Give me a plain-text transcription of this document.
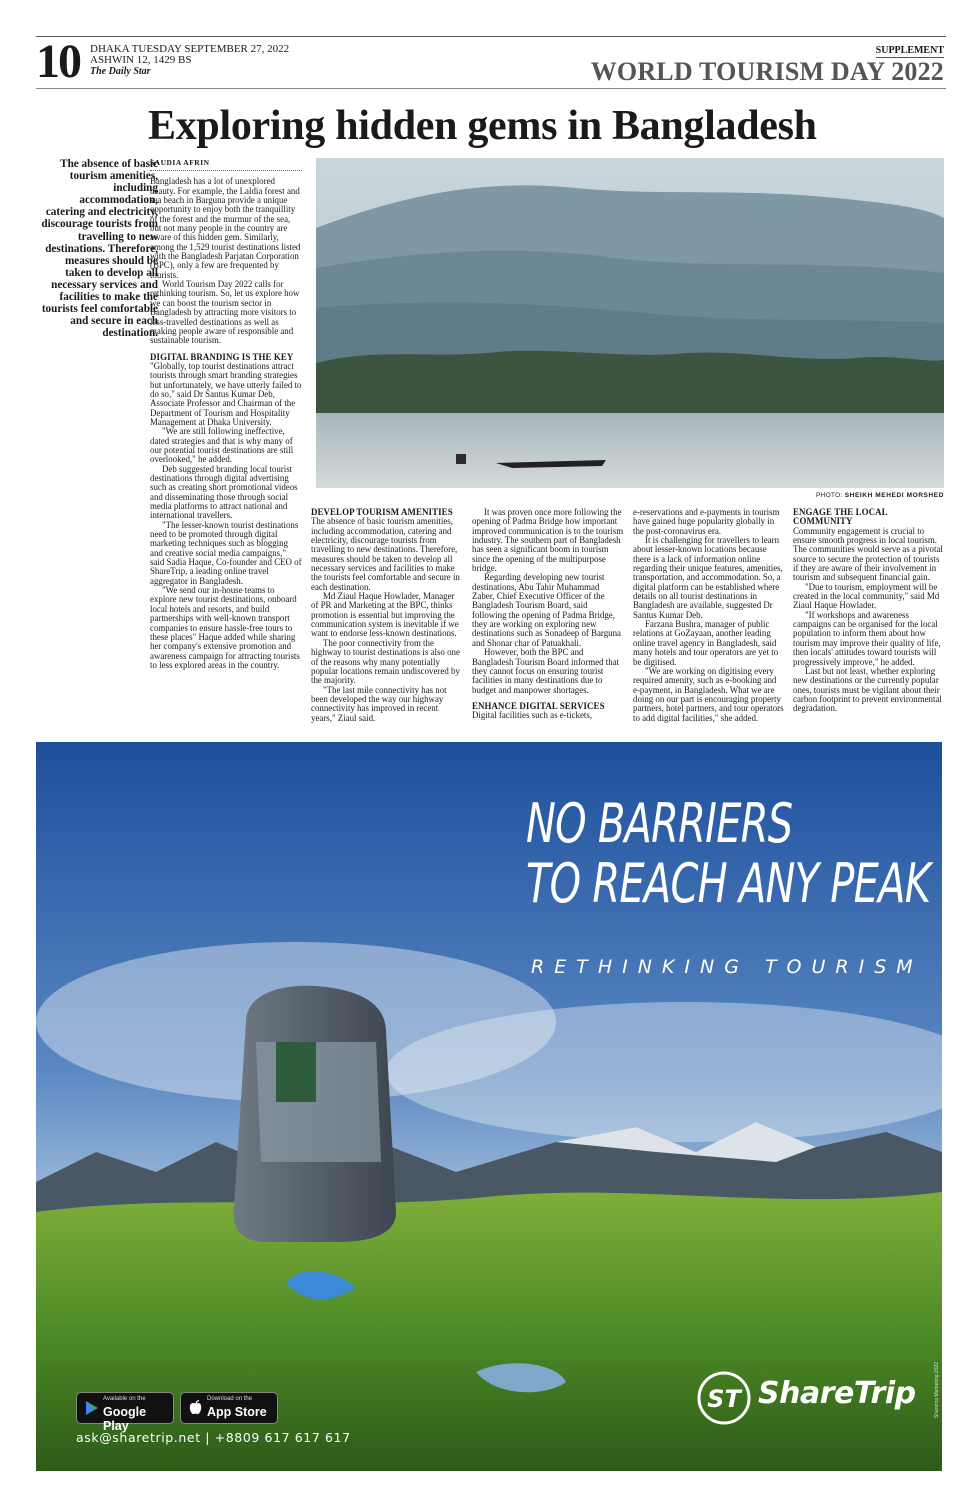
10 DHAKA TUESDAY SEPTEMBER 27, 2022
ASHWIN 12, 1429 BS
The Daily Star
SUPPLEMENT
WORLD TOURISM DAY 2022
Exploring hidden gems in Bangladesh
The absence of basic tourism amenities, including accommodation, catering and electricity, discourage tourists from travelling to new destinations. Therefore, measures should be taken to develop all necessary services and facilities to make the tourists feel comfortable and secure in each destination.
SAUDIA AFRIN

Bangladesh has a lot of unexplored beauty. For example, the Laldia forest and sea beach in Barguna provide a unique opportunity to enjoy both the tranquillity of the forest and the murmur of the sea, but not many people in the country are aware of this hidden gem. Similarly, among the 1,529 tourist destinations listed with the Bangladesh Parjatan Corporation (BPC), only a few are frequented by tourists.

World Tourism Day 2022 calls for rethinking tourism. So, let us explore how we can boost the tourism sector in Bangladesh by attracting more visitors to less-travelled destinations as well as making people aware of responsible and sustainable tourism.

DIGITAL BRANDING IS THE KEY

"Globally, top tourist destinations attract tourists through smart branding strategies but unfortunately, we have utterly failed to do so," said Dr Santus Kumar Deb, Associate Professor and Chairman of the Department of Tourism and Hospitality Management at Dhaka University.

"We are still following ineffective, dated strategies and that is why many of our potential tourist destinations are still overlooked," he added.

Deb suggested branding local tourist destinations through digital advertising such as creating short promotional videos and disseminating those through social media platforms to attract national and international travellers.

"The lesser-known tourist destinations need to be promoted through digital marketing techniques such as blogging and creative social media campaigns," said Sadia Haque, Co-founder and CEO of ShareTrip, a leading online travel aggregator in Bangladesh.

"We send our in-house teams to explore new tourist destinations, onboard local hotels and resorts, and build partnerships with well-known transport companies to ensure hassle-free tours to these places" Haque added while sharing her company's extensive promotion and awareness campaign for attracting tourists to less explored areas in the country.

PHOTO: SHEIKH MEHEDI MORSHED
DEVELOP TOURISM AMENITIES

The absence of basic tourism amenities, including accommodation, catering and electricity, discourage tourists from travelling to new destinations. Therefore, measures should be taken to develop all necessary services and facilities to make the tourists feel comfortable and secure in each destination.

Md Ziaul Haque Howlader, Manager of PR and Marketing at the BPC, thinks promotion is essential but improving the communication system is inevitable if we want to endorse less-known destinations.

The poor connectivity from the highway to tourist destinations is also one of the reasons why many potentially popular locations remain undiscovered by the majority.

"The last mile connectivity has not been developed the way our highway connectivity has improved in recent years," Ziaul said.

It was proven once more following the opening of Padma Bridge how important improved communication is to the tourism industry. The southern part of Bangladesh has seen a significant boom in tourism since the opening of the multipurpose bridge.

Regarding developing new tourist destinations, Abu Tahir Muhammad Zaber, Chief Executive Officer of the Bangladesh Tourism Board, said following the opening of Padma Bridge, they are working on exploring new destinations such as Sonadeep of Barguna and Shonar char of Patuakhali.

However, both the BPC and Bangladesh Tourism Board informed that they cannot focus on ensuring tourist facilities in many destinations due to budget and manpower shortages.

ENHANCE DIGITAL SERVICES

Digital facilities such as e-tickets,

e-reservations and e-payments in tourism have gained huge popularity globally in the post-coronavirus era.

It is challenging for travellers to learn about lesser-known locations because there is a lack of information online regarding their unique features, amenities, transportation, and accommodation. So, a digital platform can be established where details on all tourist destinations in Bangladesh are available, suggested Dr Santus Kumar Deb.

Farzana Bushra, manager of public relations at GoZayaan, another leading online travel agency in Bangladesh, said many hotels and tour operators are yet to be digitised.

"We are working on digitising every required amenity, such as e-booking and e-payment, in Bangladesh. What we are doing on our part is encouraging property partners, hotel partners, and tour operators to add digital facilities," she added.

ENGAGE THE LOCAL COMMUNITY

Community engagement is crucial to ensure smooth progress in local tourism. The communities would serve as a pivotal source to secure the protection of tourists if they are aware of their involvement in tourism and subsequent financial gain.

"Due to tourism, employment will be created in the local community," said Md Ziaul Haque Howlader.

"If workshops and awareness campaigns can be organised for the local population to inform them about how tourism may improve their quality of life, then locals' attitudes toward tourists will progressively improve," he added.

Last but not least, whether exploring new destinations or the currently popular ones, tourists must be vigilant about their carbon footprint to prevent environmental degradation.

NO BARRIERS
TO REACH ANY PEAK
RETHINKING TOURISM
Available on the
Google Play
Download on the
App Store
ask@sharetrip.net | +8809 617 617 617
ST ShareTrip	Sharetrip Marketing 2022
